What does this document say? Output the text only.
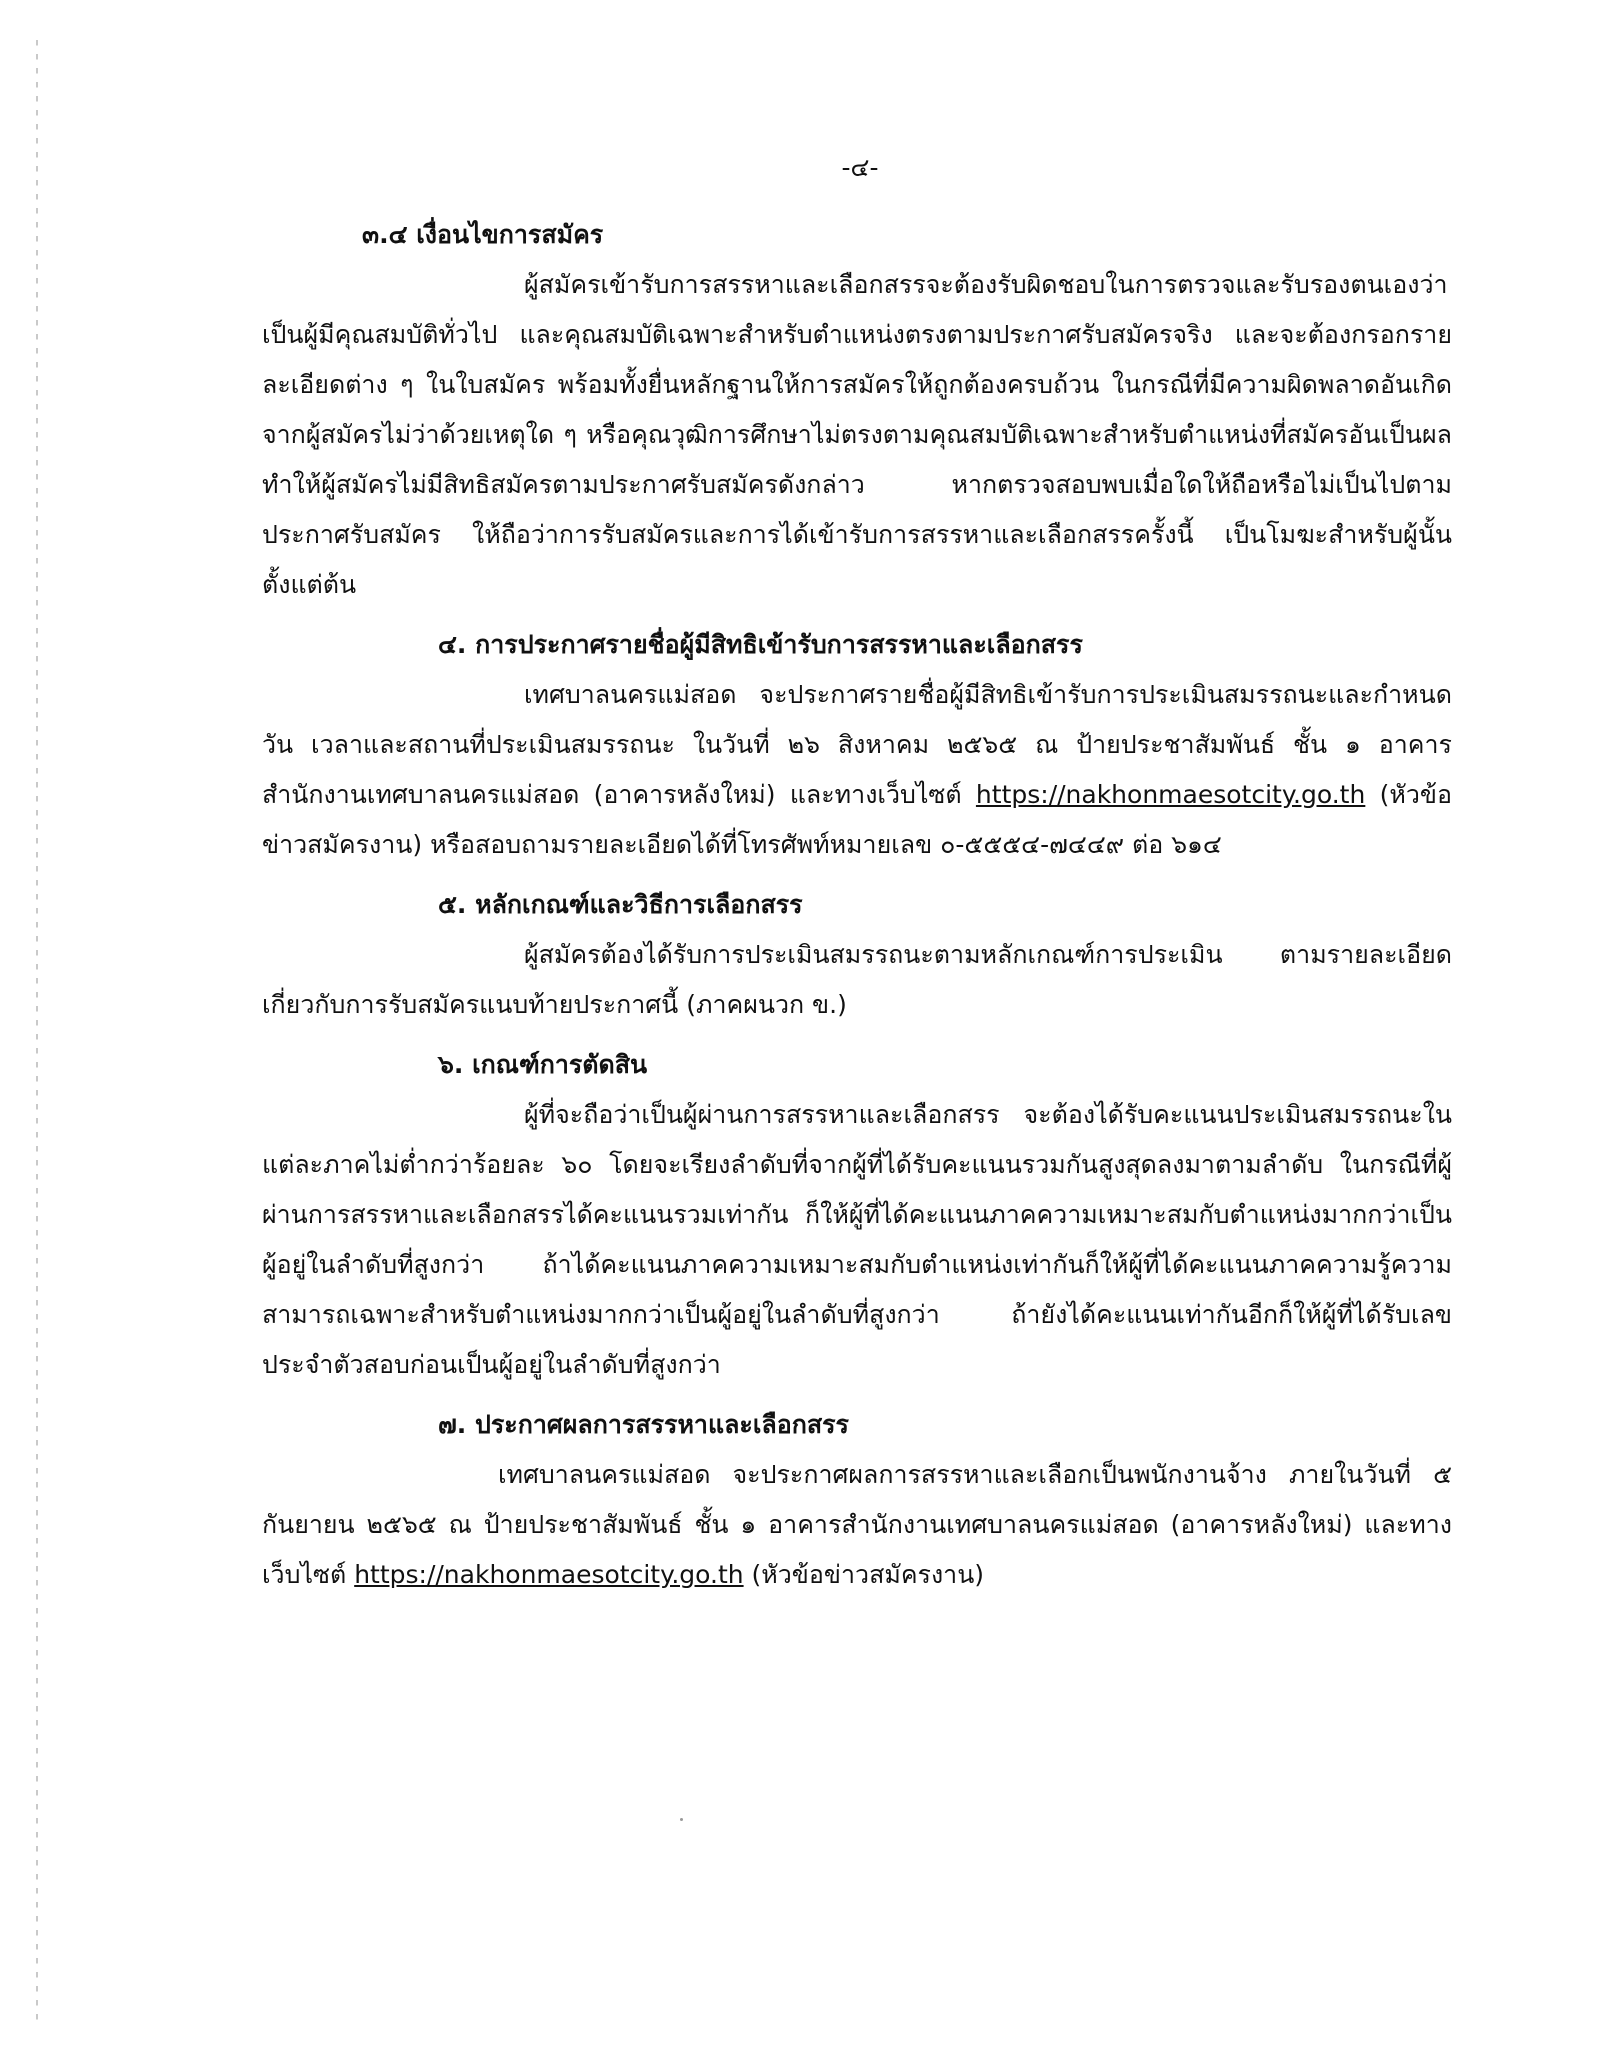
-๔-
๓.๔ เงื่อนไขการสมัคร

ผู้สมัครเข้ารับการสรรหาและเลือกสรรจะต้องรับผิดชอบในการตรวจและรับรองตนเองว่าเป็นผู้มีคุณสมบัติทั่วไป และคุณสมบัติเฉพาะสำหรับตำแหน่งตรงตามประกาศรับสมัครจริง และจะต้องกรอกรายละเอียดต่าง ๆ ในใบสมัคร พร้อมทั้งยื่นหลักฐานให้การสมัครให้ถูกต้องครบถ้วน ในกรณีที่มีความผิดพลาดอันเกิดจากผู้สมัครไม่ว่าด้วยเหตุใด ๆ หรือคุณวุฒิการศึกษาไม่ตรงตามคุณสมบัติเฉพาะสำหรับตำแหน่งที่สมัครอันเป็นผลทำให้ผู้สมัครไม่มีสิทธิสมัครตามประกาศรับสมัครดังกล่าว หากตรวจสอบพบเมื่อใดให้ถือหรือไม่เป็นไปตามประกาศรับสมัคร ให้ถือว่าการรับสมัครและการได้เข้ารับการสรรหาและเลือกสรรครั้งนี้ เป็นโมฆะสำหรับผู้นั้นตั้งแต่ต้น

๔. การประกาศรายชื่อผู้มีสิทธิเข้ารับการสรรหาและเลือกสรร

เทศบาลนครแม่สอด จะประกาศรายชื่อผู้มีสิทธิเข้ารับการประเมินสมรรถนะและกำหนดวัน เวลาและสถานที่ประเมินสมรรถนะ ในวันที่ ๒๖ สิงหาคม ๒๕๖๕ ณ ป้ายประชาสัมพันธ์ ชั้น ๑ อาคารสำนักงานเทศบาลนครแม่สอด (อาคารหลังใหม่) และทางเว็บไซต์ https://nakhonmaesotcity.go.th (หัวข้อข่าวสมัครงาน) หรือสอบถามรายละเอียดได้ที่โทรศัพท์หมายเลข ๐-๕๕๕๔-๗๔๔๙ ต่อ ๖๑๔

๕. หลักเกณฑ์และวิธีการเลือกสรร

ผู้สมัครต้องได้รับการประเมินสมรรถนะตามหลักเกณฑ์การประเมิน ตามรายละเอียดเกี่ยวกับการรับสมัครแนบท้ายประกาศนี้ (ภาคผนวก ข.)

๖. เกณฑ์การตัดสิน

ผู้ที่จะถือว่าเป็นผู้ผ่านการสรรหาและเลือกสรร จะต้องได้รับคะแนนประเมินสมรรถนะในแต่ละภาคไม่ต่ำกว่าร้อยละ ๖๐ โดยจะเรียงลำดับที่จากผู้ที่ได้รับคะแนนรวมกันสูงสุดลงมาตามลำดับ ในกรณีที่ผู้ผ่านการสรรหาและเลือกสรรได้คะแนนรวมเท่ากัน ก็ให้ผู้ที่ได้คะแนนภาคความเหมาะสมกับตำแหน่งมากกว่าเป็นผู้อยู่ในลำดับที่สูงกว่า ถ้าได้คะแนนภาคความเหมาะสมกับตำแหน่งเท่ากันก็ให้ผู้ที่ได้คะแนนภาคความรู้ความสามารถเฉพาะสำหรับตำแหน่งมากกว่าเป็นผู้อยู่ในลำดับที่สูงกว่า ถ้ายังได้คะแนนเท่ากันอีกก็ให้ผู้ที่ได้รับเลขประจำตัวสอบก่อนเป็นผู้อยู่ในลำดับที่สูงกว่า

๗. ประกาศผลการสรรหาและเลือกสรร

เทศบาลนครแม่สอด จะประกาศผลการสรรหาและเลือกเป็นพนักงานจ้าง ภายในวันที่ ๕ กันยายน ๒๕๖๕ ณ ป้ายประชาสัมพันธ์ ชั้น ๑ อาคารสำนักงานเทศบาลนครแม่สอด (อาคารหลังใหม่) และทางเว็บไซต์ https://nakhonmaesotcity.go.th (หัวข้อข่าวสมัครงาน)
